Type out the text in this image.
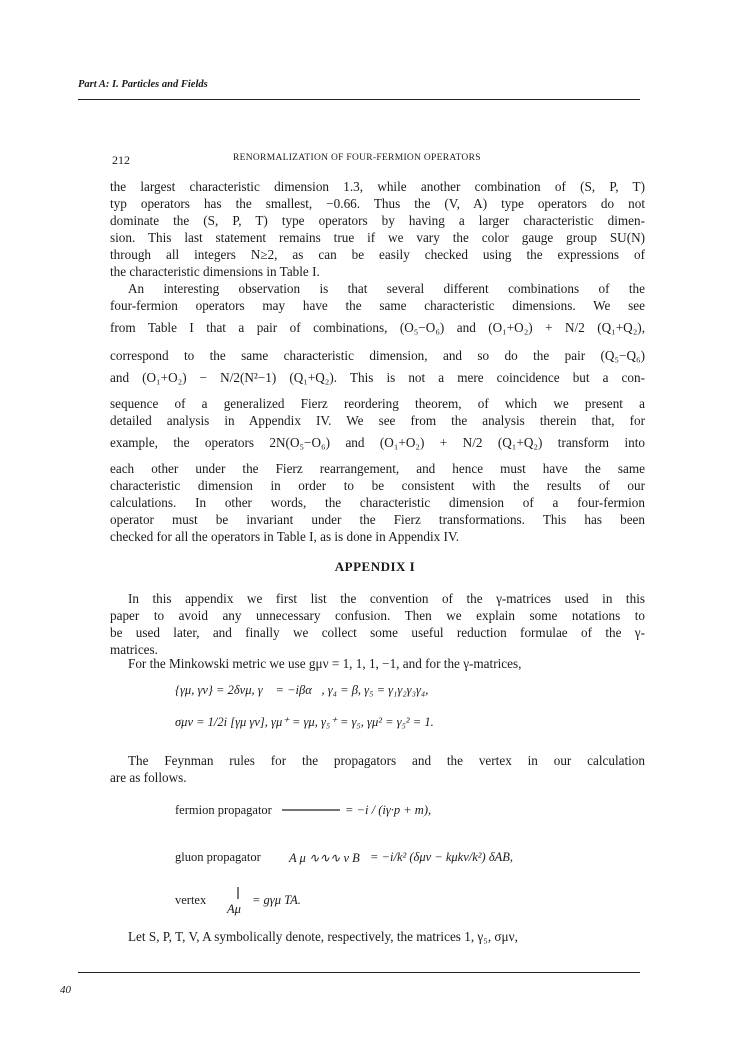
Part A: I. Particles and Fields
212	RENORMALIZATION OF FOUR-FERMION OPERATORS
the largest characteristic dimension 1.3, while another combination of (S, P, T)
typ operators has the smallest, −0.66. Thus the (V, A) type operators do not
dominate the (S, P, T) type operators by having a larger characteristic dimen-
sion. This last statement remains true if we vary the color gauge group SU(N)
through all integers N≥2, as can be easily checked using the expressions of
the characteristic dimensions in Table I.
An interesting observation is that several different combinations of the
four-fermion operators may have the same characteristic dimensions. We see
from Table I that a pair of combinations, (O₅−O₆) and (O₁+O₂) + N/2 (Q₁+Q₂),
correspond to the same characteristic dimension, and so do the pair (Q₅−Q₆)
and (O₁+O₂) − N/2(N²−1) (Q₁+Q₂). This is not a mere coincidence but a con-
sequence of a generalized Fierz reordering theorem, of which we present a
detailed analysis in Appendix IV. We see from the analysis therein that, for
example, the operators 2N(O₅−O₆) and (O₁+O₂) + N/2 (Q₁+Q₂) transform into
each other under the Fierz rearrangement, and hence must have the same
characteristic dimension in order to be consistent with the results of our
calculations. In other words, the characteristic dimension of a four-fermion
operator must be invariant under the Fierz transformations. This has been
checked for all the operators in Table I, as is done in Appendix IV.
APPENDIX I
In this appendix we first list the convention of the γ-matrices used in this
paper to avoid any unnecessary confusion. Then we explain some notations to
be used later, and finally we collect some useful reduction formulae of the γ-
matrices.
For the Minkowski metric we use gμν = 1, 1, 1, −1, and for the γ-matrices,
{γμ, γν} = 2δνμ, γ⃗ = −iβα⃗, γ₄ = β, γ₅ = γ₁γ₂γ₃γ₄,
σμν = 1/2i [γμ γν], γμ⁺ = γμ, γ₅⁺ = γ₅, γμ² = γ₅² = 1.
The Feynman rules for the propagators and the vertex in our calculation
are as follows.
fermion propagator	= −i / (iγ·p + m),
gluon propagator A μ ∿∿∿ ν B = −i/k² (δμν − kμkν/k²) δAB,
vertex
Aμ
= gγμ TA.
Let S, P, T, V, A symbolically denote, respectively, the matrices 1, γ₅, σμν,
40
